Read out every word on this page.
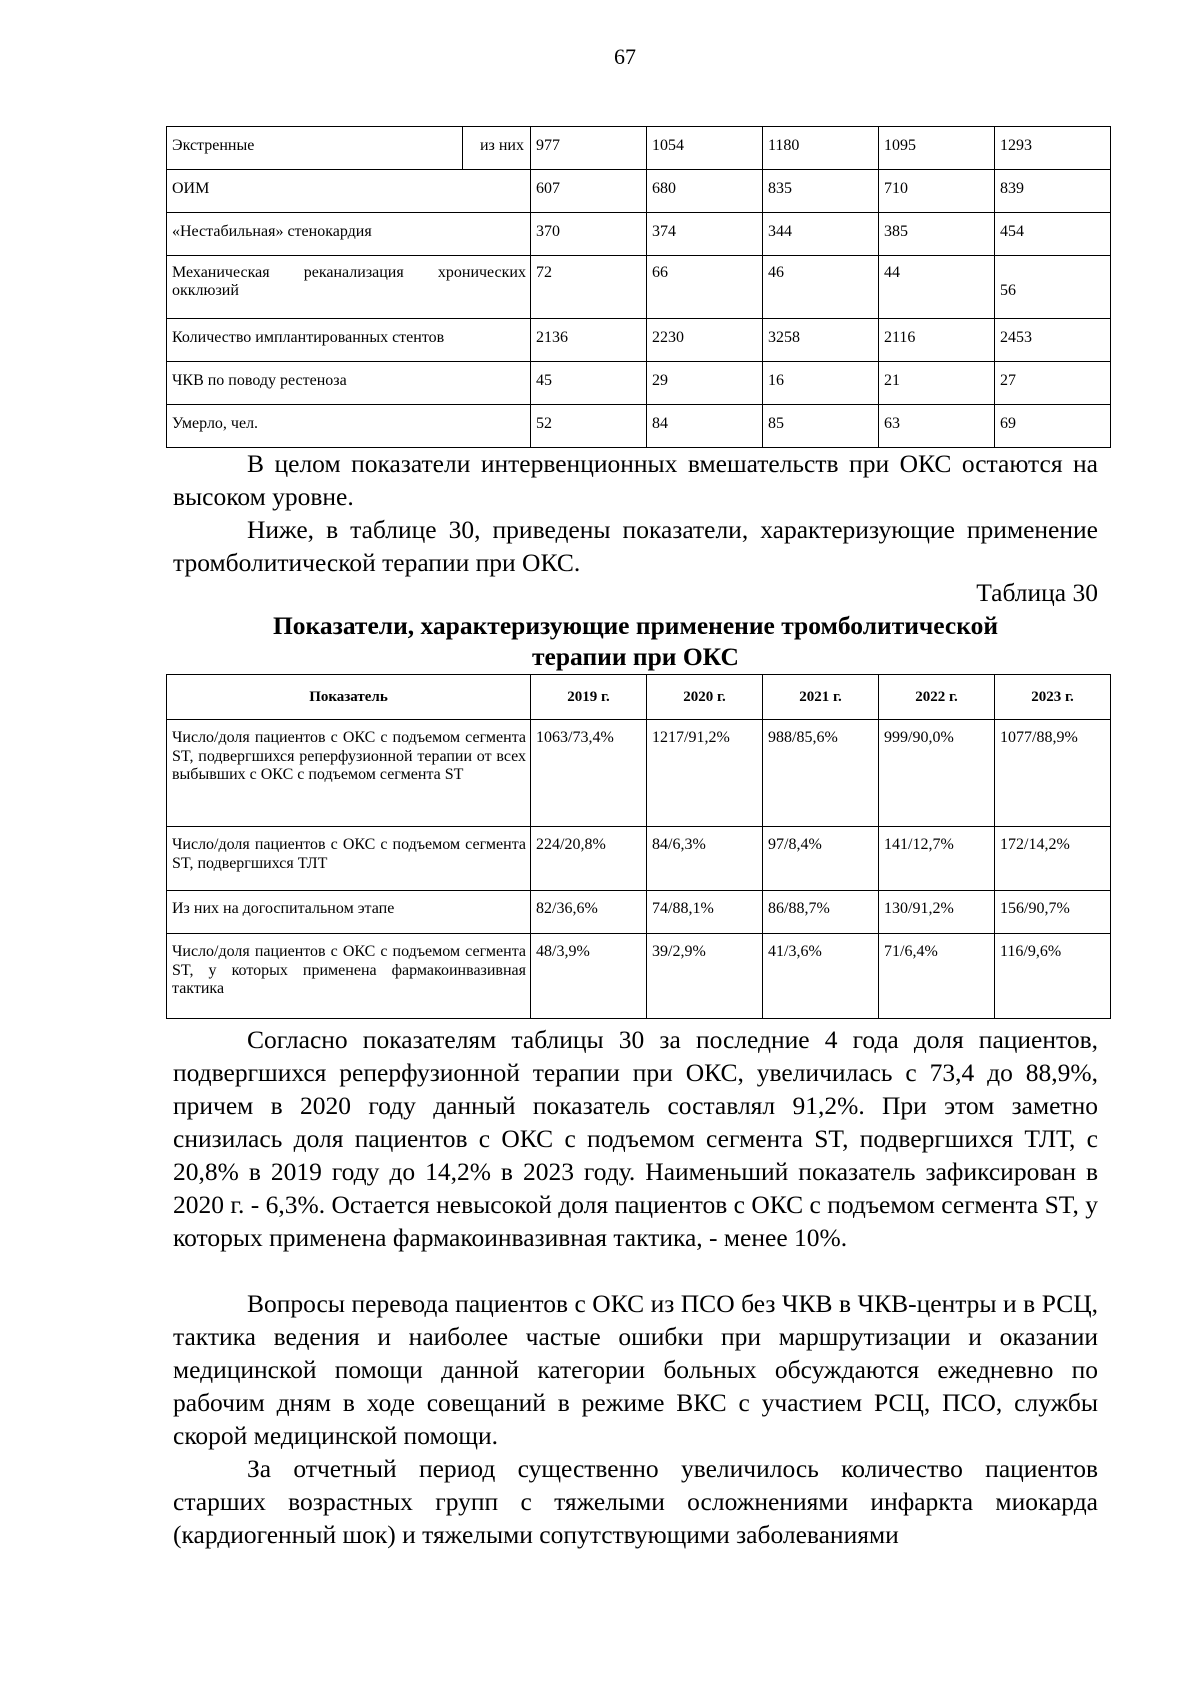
67
Экстренные	из них	977	1054	1180	1095	1293
ОИМ		607	680	835	710	839
«Нестабильная» стенокардия		370	374	344	385	454
Механическая реканализация хронических окклюзий		72	66	46	44	56
Количество имплантированных стентов		2136	2230	3258	2116	2453
ЧКВ по поводу рестеноза		45	29	16	21	27
Умерло, чел.		52	84	85	63	69

В целом показатели интервенционных вмешательств при ОКС остаются на высоком уровне.

Ниже, в таблице 30, приведены показатели, характеризующие применение тромболитической терапии при ОКС.

Таблица 30
Показатели, характеризующие применение тромболитической
терапии при ОКС
Показатель	2019 г.	2020 г.	2021 г.	2022 г.	2023 г.
Число/доля пациентов с ОКС с подъемом сегмента ST, подвергшихся реперфузионной терапии от всех выбывших с ОКС с подъемом сегмента ST	1063/73,4%	1217/91,2%	988/85,6%	999/90,0%	1077/88,9%
Число/доля пациентов с ОКС с подъемом сегмента ST, подвергшихся ТЛТ	224/20,8%	84/6,3%	97/8,4%	141/12,7%	172/14,2%
Из них на догоспитальном этапе	82/36,6%	74/88,1%	86/88,7%	130/91,2%	156/90,7%
Число/доля пациентов с ОКС с подъемом сегмента ST, у которых применена фармакоинвазивная тактика	48/3,9%	39/2,9%	41/3,6%	71/6,4%	116/9,6%

Согласно показателям таблицы 30 за последние 4 года доля пациентов, подвергшихся реперфузионной терапии при ОКС, увеличилась с 73,4 до 88,9%, причем в 2020 году данный показатель составлял 91,2%. При этом заметно снизилась доля пациентов с ОКС с подъемом сегмента ST, подвергшихся ТЛТ, с 20,8% в 2019 году до 14,2% в 2023 году. Наименьший показатель зафиксирован в 2020 г. - 6,3%. Остается невысокой доля пациентов с ОКС с подъемом сегмента ST, у которых применена фармакоинвазивная тактика, - менее 10%.

Вопросы перевода пациентов с ОКС из ПСО без ЧКВ в ЧКВ-центры и в РСЦ, тактика ведения и наиболее частые ошибки при маршрутизации и оказании медицинской помощи данной категории больных обсуждаются ежедневно по рабочим дням в ходе совещаний в режиме ВКС с участием РСЦ, ПСО, службы скорой медицинской помощи.

За отчетный период существенно увеличилось количество пациентов старших возрастных групп с тяжелыми осложнениями инфаркта миокарда (кардиогенный шок) и тяжелыми сопутствующими заболеваниями
